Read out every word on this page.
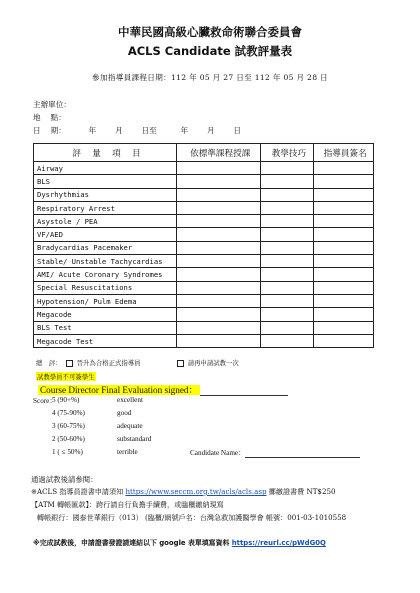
中華民國高級心臟救命術聯合委員會
ACLS Candidate 試教評量表
參加指導員課程日期：112 年 05 月 27 日至 112 年 05 月 28 日
主辦單位：
地　 點：
日　 期：	年 月 日至	年 月 日
評　 量　 項　 目	依標準課程授課	教學技巧	指導員簽名
Airway			
BLS			
Dysrhythmias			
Respiratory Arrest			
Asystole / PEA			
VF/AED			
Bradycardias Pacemaker			
Stable/ Unstable Tachycardias			
AMI/ Acute Coronary Syndromes			
Special Resuscitations			
Hypotension/ Pulm Edema			
Megacode			
BLS Test			
Megacode Test			
總　評： 晉升為合格正式指導員	請再申請試教一次
試教學員不可簽學生
Course Director Final Evaluation signed：
Score：
5 (90+%)	excellent
4 (75-90%)	good
3 (60-75%)	adequate
2 (50-60%)	substandard
1 ( ≤ 50%)	terrible	Candidate Name：
通過試教後請參閱：
※ACLS 指導員證書申請須知 https://www.seccm.org.tw/acls/acls.asp 擲繳證書費 NT$250
【ATM 轉帳匯款】：跨行請自行負擔手續費，或臨櫃繳納現寫
轉帳銀行：國泰世華銀行（013） (臨櫃/網號戶名：台灣急救加護醫學會 帳號：001-03-1010558
※完成試教後，申請證書發證請連結以下 google 表單填寫資料 https://reurl.cc/pWdG0Q
